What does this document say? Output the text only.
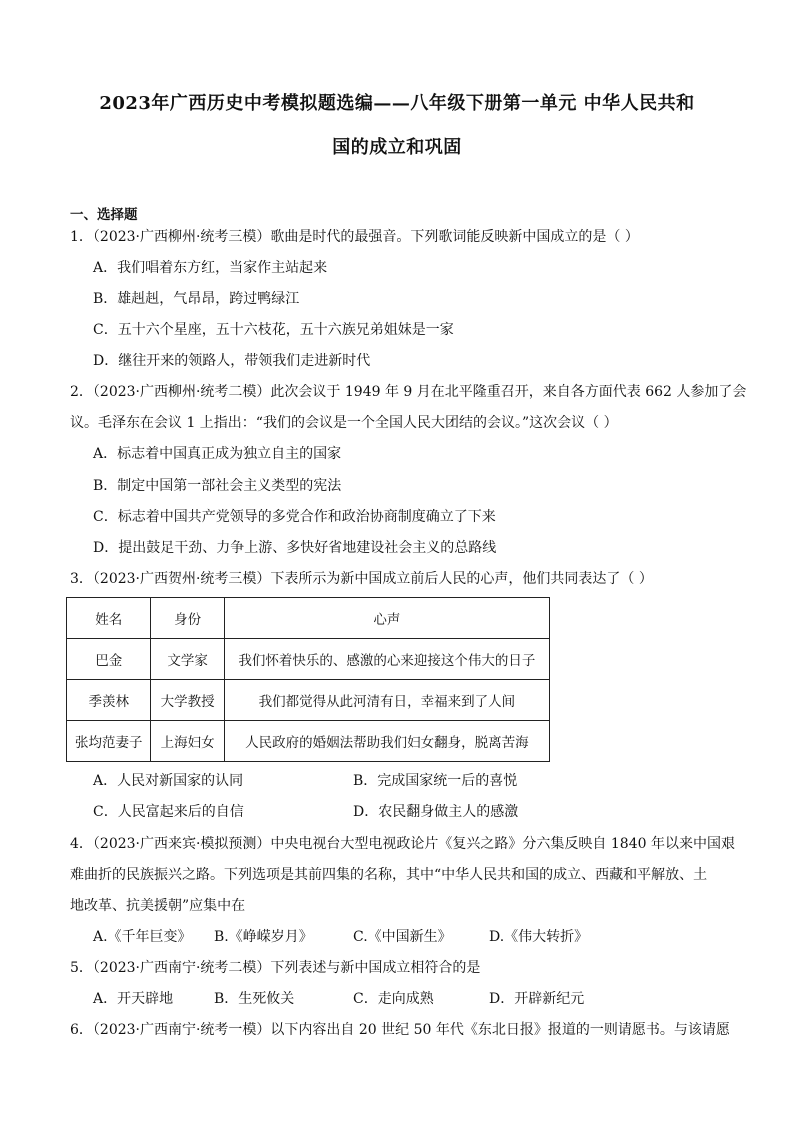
2023年广西历史中考模拟题选编——八年级下册第一单元 中华人民共和
国的成立和巩固
一、选择题
1．（2023·广西柳州·统考三模）歌曲是时代的最强音。下列歌词能反映新中国成立的是（ ）
A．我们唱着东方红，当家作主站起来
B．雄赳赳，气昂昂，跨过鸭绿江
C．五十六个星座，五十六枝花，五十六族兄弟姐妹是一家
D．继往开来的领路人，带领我们走进新时代
2．（2023·广西柳州·统考二模）此次会议于 1949 年 9 月在北平隆重召开，来自各方面代表 662 人参加了会
议。毛泽东在会议 1 上指出：“我们的会议是一个全国人民大团结的会议。”这次会议（ ）
A．标志着中国真正成为独立自主的国家
B．制定中国第一部社会主义类型的宪法
C．标志着中国共产党领导的多党合作和政治协商制度确立了下来
D．提出鼓足干劲、力争上游、多快好省地建设社会主义的总路线
3．（2023·广西贺州·统考三模）下表所示为新中国成立前后人民的心声，他们共同表达了（ ）
姓名	身份	心声
巴金	文学家	我们怀着快乐的、感激的心来迎接这个伟大的日子
季羡林	大学教授	我们都觉得从此河清有日，幸福来到了人间
张均范妻子	上海妇女	人民政府的婚姻法帮助我们妇女翻身，脱离苦海
A．人民对新国家的认同	B．完成国家统一后的喜悦
C．人民富起来后的自信	D．农民翻身做主人的感激
4．（2023·广西来宾·模拟预测）中央电视台大型电视政论片《复兴之路》分六集反映自 1840 年以来中国艰
难曲折的民族振兴之路。下列选项是其前四集的名称，其中“中华人民共和国的成立、西藏和平解放、土
地改革、抗美援朝”应集中在
A.《千年巨变》 B.《峥嵘岁月》	C.《中国新生》	D.《伟大转折》
5．（2023·广西南宁·统考二模）下列表述与新中国成立相符合的是
A．开天辟地	B．生死攸关	C．走向成熟	D．开辟新纪元
6．（2023·广西南宁·统考一模）以下内容出自 20 世纪 50 年代《东北日报》报道的一则请愿书。与该请愿
